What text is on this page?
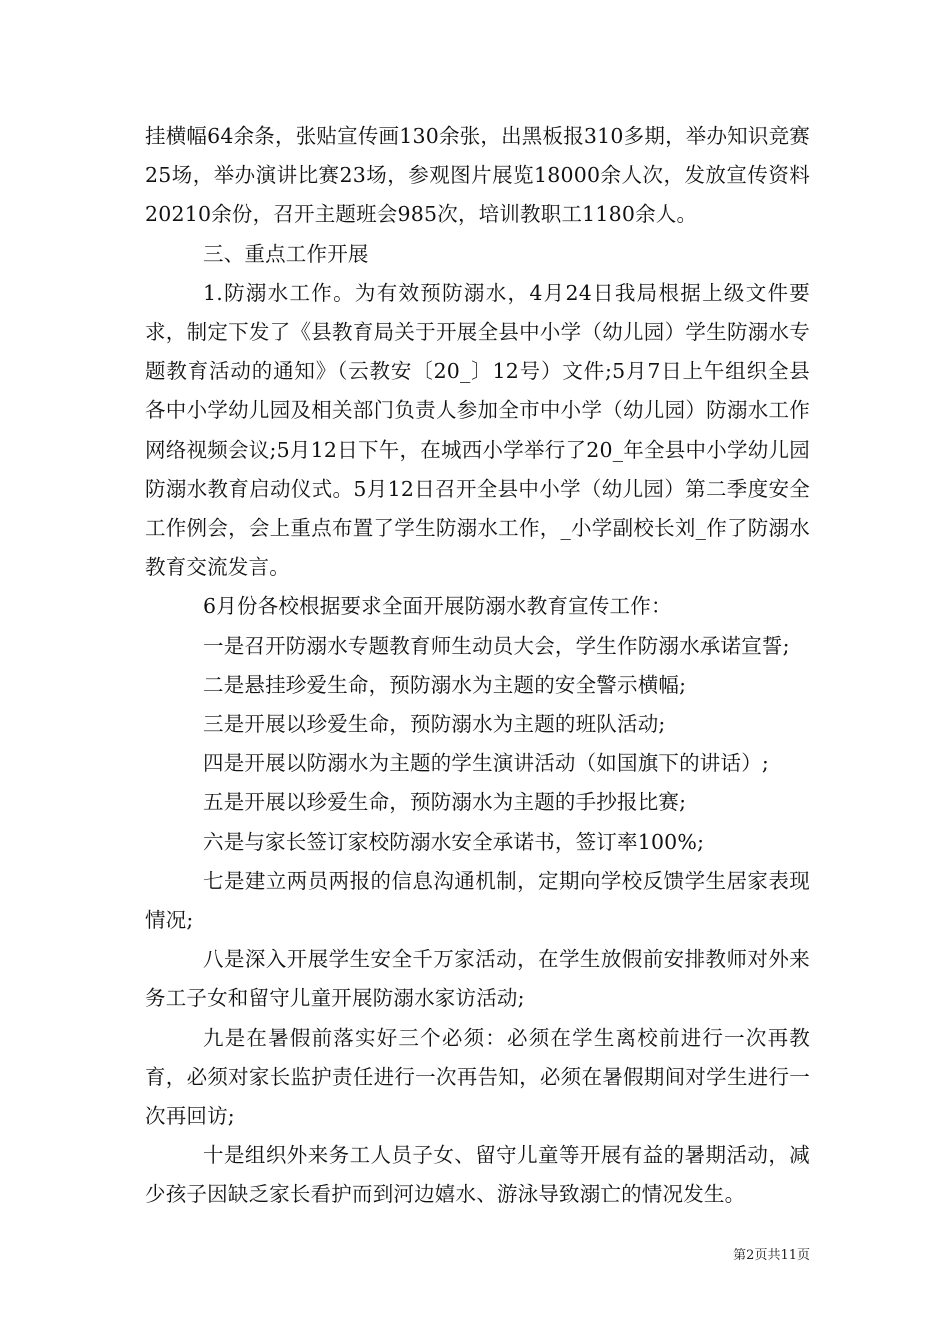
挂横幅64余条，张贴宣传画130余张，出黑板报310多期，举办知识竞赛25场，举办演讲比赛23场，参观图片展览18000余人次，发放宣传资料20210余份，召开主题班会985次，培训教职工1180余人。

三、重点工作开展

1.防溺水工作。为有效预防溺水，4月24日我局根据上级文件要求，制定下发了《县教育局关于开展全县中小学（幼儿园）学生防溺水专题教育活动的通知》（云教安〔20_〕12号）文件;5月7日上午组织全县各中小学幼儿园及相关部门负责人参加全市中小学（幼儿园）防溺水工作网络视频会议;5月12日下午，在城西小学举行了20_年全县中小学幼儿园防溺水教育启动仪式。5月12日召开全县中小学（幼儿园）第二季度安全工作例会，会上重点布置了学生防溺水工作，_小学副校长刘_作了防溺水教育交流发言。

6月份各校根据要求全面开展防溺水教育宣传工作：

一是召开防溺水专题教育师生动员大会，学生作防溺水承诺宣誓;

二是悬挂珍爱生命，预防溺水为主题的安全警示横幅;

三是开展以珍爱生命，预防溺水为主题的班队活动;

四是开展以防溺水为主题的学生演讲活动（如国旗下的讲话）;

五是开展以珍爱生命，预防溺水为主题的手抄报比赛;

六是与家长签订家校防溺水安全承诺书，签订率100%;

七是建立两员两报的信息沟通机制，定期向学校反馈学生居家表现情况;

八是深入开展学生安全千万家活动，在学生放假前安排教师对外来务工子女和留守儿童开展防溺水家访活动;

九是在暑假前落实好三个必须：必须在学生离校前进行一次再教育，必须对家长监护责任进行一次再告知，必须在暑假期间对学生进行一次再回访;

十是组织外来务工人员子女、留守儿童等开展有益的暑期活动，减少孩子因缺乏家长看护而到河边嬉水、游泳导致溺亡的情况发生。

第2页共11页
